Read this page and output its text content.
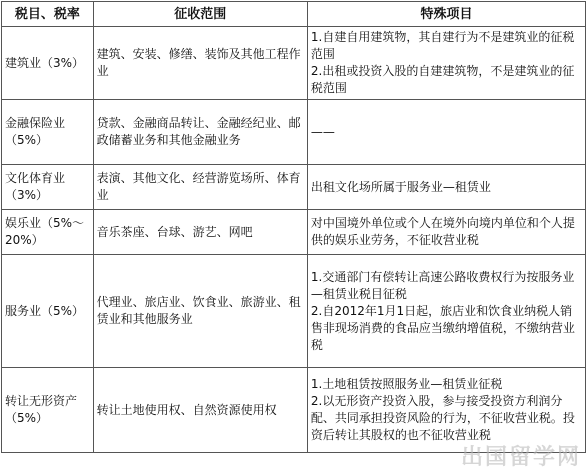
税目、税率	征收范围	特殊项目
建筑业（3%）	建筑、安装、修缮、装饰及其他工程作业	1.自建自用建筑物，其自建行为不是建筑业的征税范围
2.出租或投资入股的自建建筑物，不是建筑业的征税范围

金融保险业（5%）	贷款、金融商品转让、金融经纪业、邮政储蓄业务和其他金融业务	——

文化体育业（3%）	表演、其他文化、经营游览场所、体育业	出租文化场所属于服务业—租赁业

娱乐业（5%～20%）	音乐茶座、台球、游艺、网吧	对中国境外单位或个人在境外向境内单位和个人提供的娱乐业劳务，不征收营业税

服务业（5%）	代理业、旅店业、饮食业、旅游业、租赁业和其他服务业	1.交通部门有偿转让高速公路收费权行为按服务业—租赁业税目征税
2.自2012年1月1日起，旅店业和饮食业纳税人销售非现场消费的食品应当缴纳增值税，不缴纳营业税

转让无形资产（5%）	转让土地使用权、自然资源使用权	1.土地租赁按照服务业—租赁业征税
2.以无形资产投资入股，参与接受投资方利润分配、共同承担投资风险的行为，不征收营业税。投资后转让其股权的也不征收营业税
出国留学网
